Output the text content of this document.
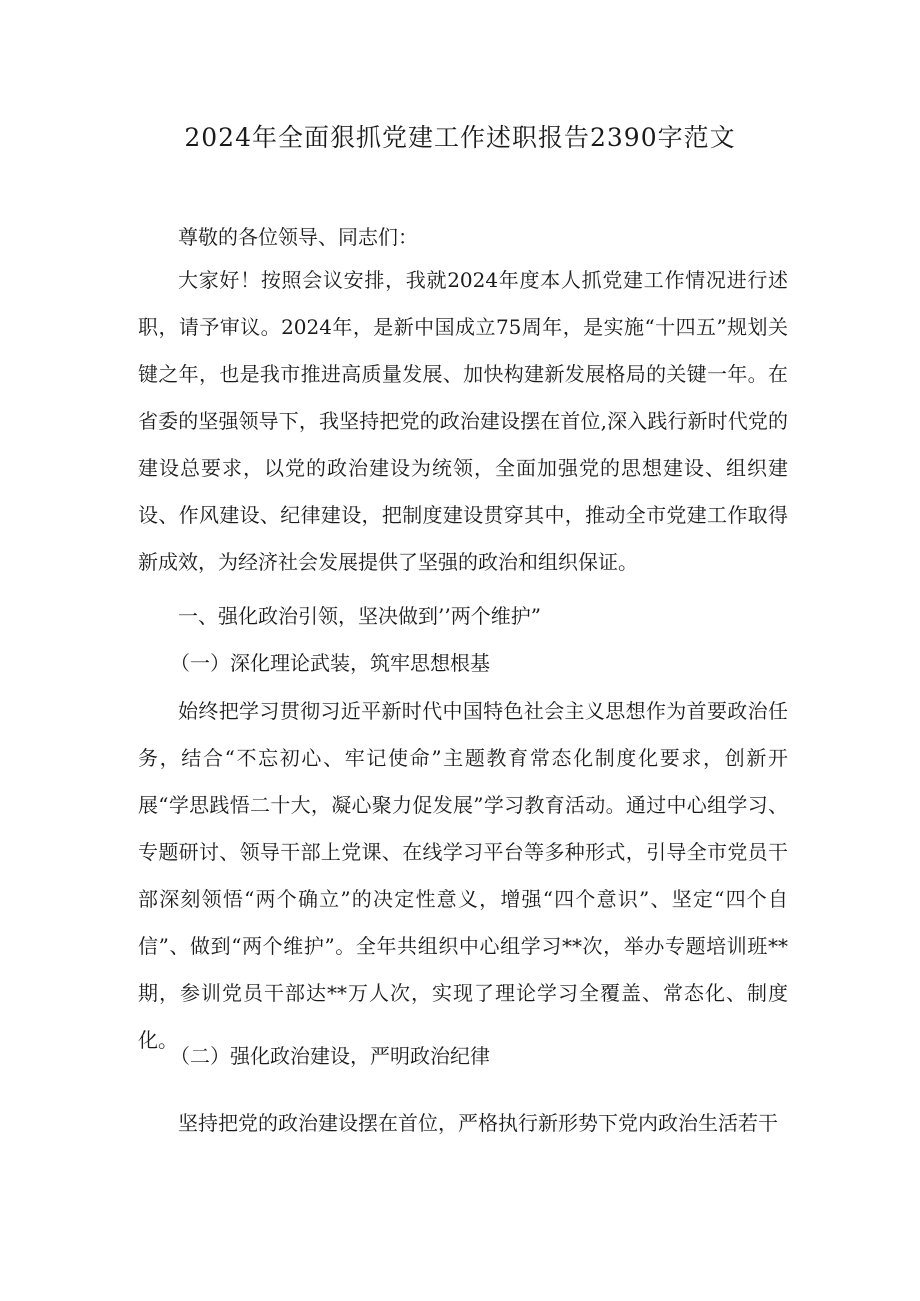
2024年全面狠抓党建工作述职报告2390字范文

尊敬的各位领导、同志们：

大家好！按照会议安排，我就2024年度本人抓党建工作情况进行述职，请予审议。2024年，是新中国成立75周年，是实施“十四五”规划关键之年，也是我市推进高质量发展、加快构建新发展格局的关键一年。在省委的坚强领导下，我坚持把党的政治建设摆在首位,深入践行新时代党的建设总要求，以党的政治建设为统领，全面加强党的思想建设、组织建设、作风建设、纪律建设，把制度建设贯穿其中，推动全市党建工作取得新成效，为经济社会发展提供了坚强的政治和组织保证。

一、强化政治引领，坚决做到’’两个维护”

（一）深化理论武装，筑牢思想根基

始终把学习贯彻习近平新时代中国特色社会主义思想作为首要政治任务，结合“不忘初心、牢记使命”主题教育常态化制度化要求，创新开展“学思践悟二十大，凝心聚力促发展”学习教育活动。通过中心组学习、专题研讨、领导干部上党课、在线学习平台等多种形式，引导全市党员干部深刻领悟“两个确立”的决定性意义，增强“四个意识”、坚定“四个自信”、做到“两个维护”。全年共组织中心组学习**次，举办专题培训班**期，参训党员干部达**万人次，实现了理论学习全覆盖、常态化、制度化。

（二）强化政治建设，严明政治纪律

坚持把党的政治建设摆在首位，严格执行新形势下党内政治生活若干
